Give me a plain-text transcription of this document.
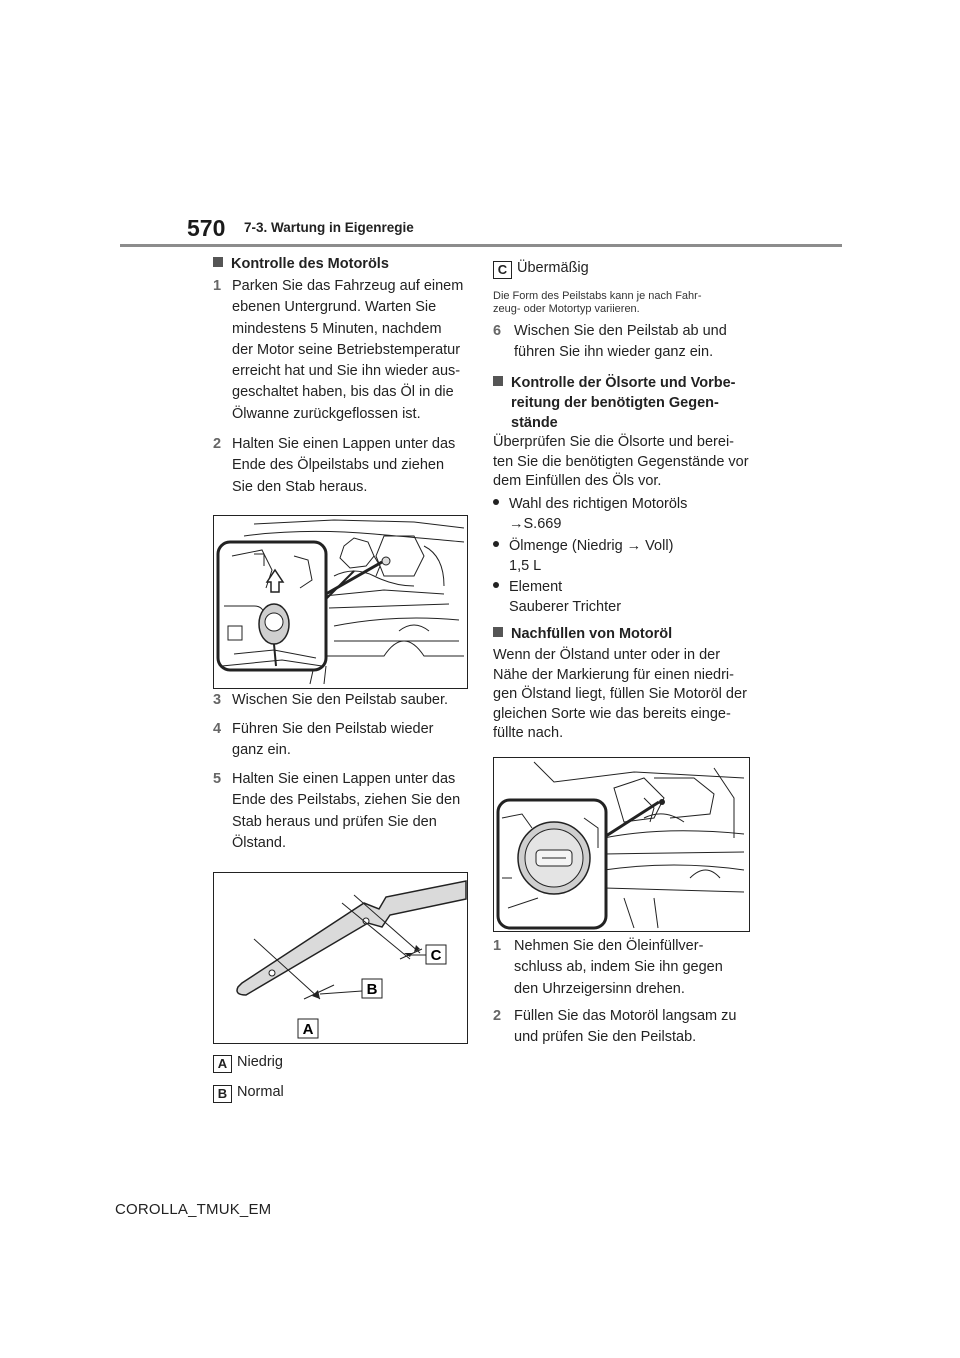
570 7-3. Wartung in Eigenregie
Kontrolle des Motoröls
1 Parken Sie das Fahrzeug auf einem
ebenen Untergrund. Warten Sie
mindestens 5 Minuten, nachdem
der Motor seine Betriebstemperatur
erreicht hat und Sie ihn wieder aus-
geschaltet haben, bis das Öl in die
Ölwanne zurückgeflossen ist.
2 Halten Sie einen Lappen unter das
Ende des Ölpeilstabs und ziehen
Sie den Stab heraus.
3 Wischen Sie den Peilstab sauber.
4 Führen Sie den Peilstab wieder
ganz ein.
5 Halten Sie einen Lappen unter das
Ende des Peilstabs, ziehen Sie den
Stab heraus und prüfen Sie den
Ölstand.
A
B
C
A Niedrig
B Normal
C Übermäßig
Die Form des Peilstabs kann je nach Fahr-
zeug- oder Motortyp variieren.
6 Wischen Sie den Peilstab ab und
führen Sie ihn wieder ganz ein.
Kontrolle der Ölsorte und Vorbe-
reitung der benötigten Gegen-
stände
Überprüfen Sie die Ölsorte und berei-
ten Sie die benötigten Gegenstände vor
dem Einfüllen des Öls vor.
Wahl des richtigen Motoröls
→S.669
Ölmenge (Niedrig → Voll)
1,5 L
Element
Sauberer Trichter
Nachfüllen von Motoröl
Wenn der Ölstand unter oder in der
Nähe der Markierung für einen niedri-
gen Ölstand liegt, füllen Sie Motoröl der
gleichen Sorte wie das bereits einge-
füllte nach.
1 Nehmen Sie den Öleinfüllver-
schluss ab, indem Sie ihn gegen
den Uhrzeigersinn drehen.
2 Füllen Sie das Motoröl langsam zu
und prüfen Sie den Peilstab.
COROLLA_TMUK_EM
